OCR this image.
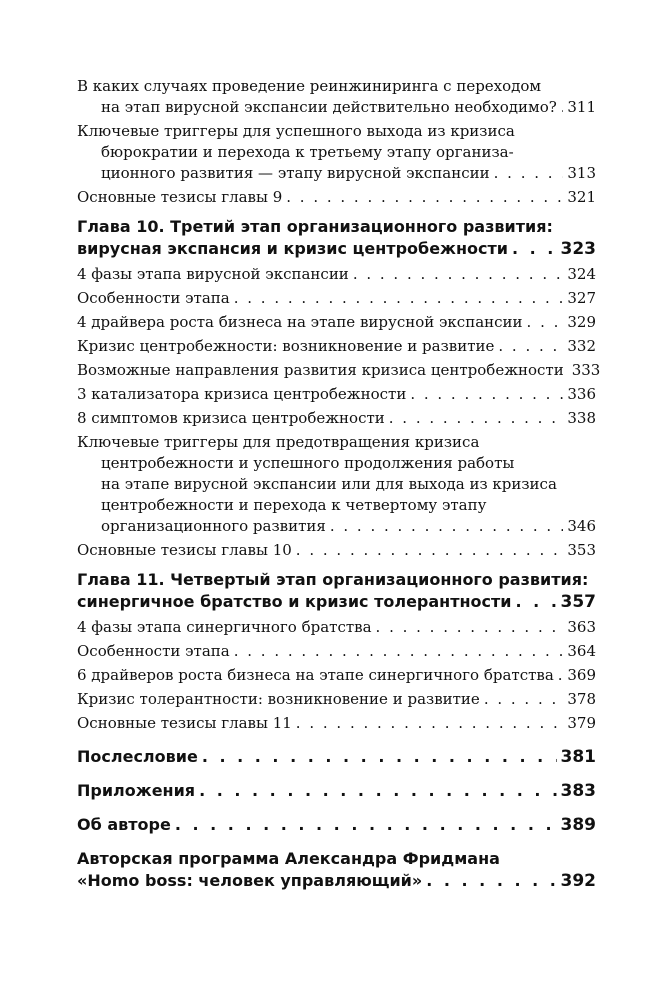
В каких случаях проведение реинжиниринга с переходом
на этап вирусной экспансии действительно необходимо? . . . 311
Ключевые триггеры для успешного выхода из кризиса
бюрократии и перехода к третьему этапу организа-
ционного развития — этапу вирусной экспансии . . .	313
Основные тезисы главы 9 . . .	321
Глава 10. Третий этап организационного развития:
вирусная экспансия и кризис центробежности . . .	323
4 фазы этапа вирусной экспансии . . .	324
Особенности этапа . . .	327
4 драйвера роста бизнеса на этапе вирусной экспансии . . .	329
Кризис центробежности: возникновение и развитие . . .	332
Возможные направления развития кризиса центробежности 333
3 катализатора кризиса центробежности . . .	336
8 симптомов кризиса центробежности . . .	338
Ключевые триггеры для предотвращения кризиса
центробежности и успешного продолжения работы
на этапе вирусной экспансии или для выхода из кризиса
центробежности и перехода к четвертому этапу
организационного развития . . .	346
Основные тезисы главы 10 . . .	353
Глава 11. Четвертый этап организационного развития:
синергичное братство и кризис толерантности . . .	357
4 фазы этапа синергичного братства . . .	363
Особенности этапа . . .	364
6 драйверов роста бизнеса на этапе синергичного братства . . . 369
Кризис толерантности: возникновение и развитие . . .	378
Основные тезисы главы 11 . . .	379
Послесловие . . .	381
Приложения . . .	383
Об авторе . . .	389
Авторская программа Александра Фридмана
«Homo boss: человек управляющий» . . .	392
